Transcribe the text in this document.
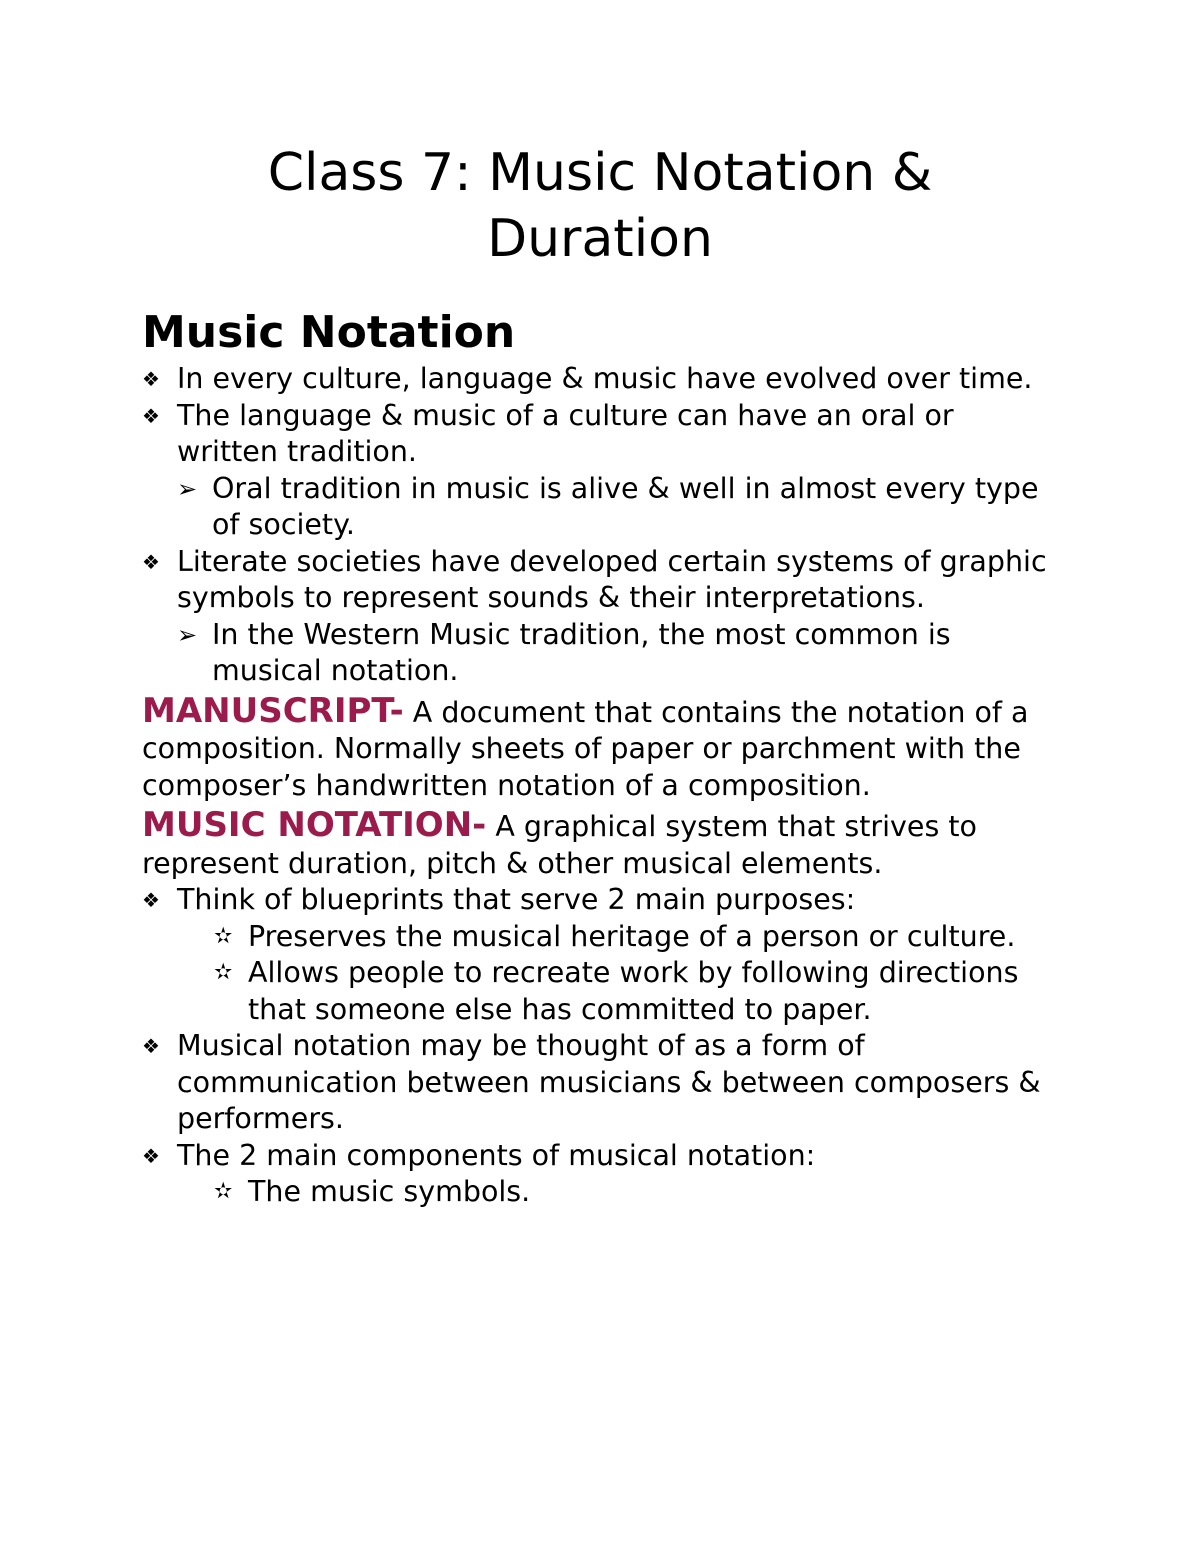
Class 7: Music Notation &
Duration
Music Notation

❖ In every culture, language & music have evolved over time.

❖ The language & music of a culture can have an oral or written tradition.

➢ Oral tradition in music is alive & well in almost every type of society.

❖ Literate societies have developed certain systems of graphic symbols to represent sounds & their interpretations.

➢ In the Western Music tradition, the most common is musical notation.

MANUSCRIPT- A document that contains the notation of a composition. Normally sheets of paper or parchment with the composer’s handwritten notation of a composition.

MUSIC NOTATION- A graphical system that strives to represent duration, pitch & other musical elements.

❖ Think of blueprints that serve 2 main purposes:

✫ Preserves the musical heritage of a person or culture.

✫ Allows people to recreate work by following directions that someone else has committed to paper.

❖ Musical notation may be thought of as a form of communication between musicians & between composers & performers.

❖ The 2 main components of musical notation:

✫ The music symbols.
